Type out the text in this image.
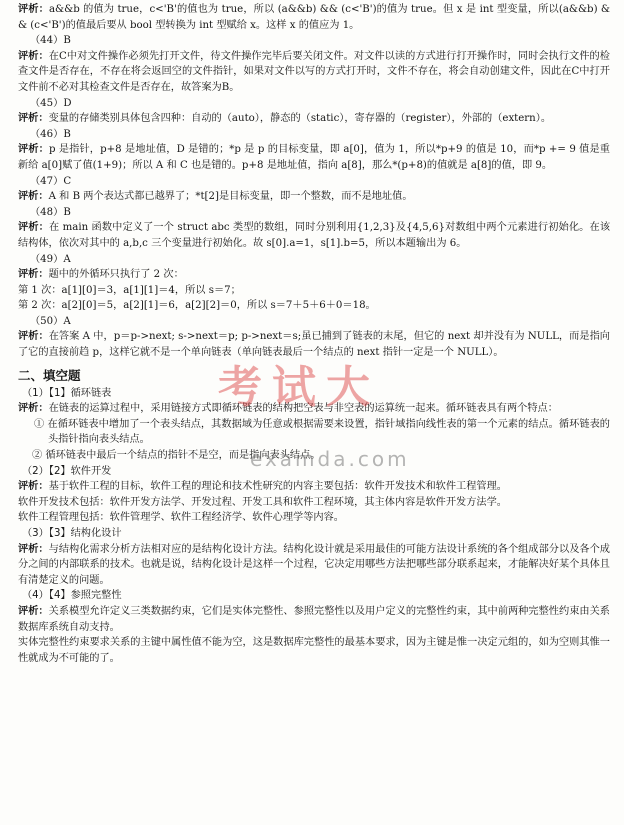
评析：a&&b 的值为 true，c<'B'的值也为 true，所以 (a&&b) && (c<'B')的值为 true。但 x 是 int 型变量，所以(a&&b) && (c<'B')的值最后要从 bool 型转换为 int 型赋给 x。这样 x 的值应为 1。

（44）B

评析：在C中对文件操作必须先打开文件，待文件操作完毕后要关闭文件。对文件以读的方式进行打开操作时，同时会执行文件的检查文件是否存在，不存在将会返回空的文件指针，如果对文件以写的方式打开时，文件不存在，将会自动创建文件，因此在C中打开文件前不必对其检查文件是否存在，故答案为B。

（45）D

评析：变量的存储类别具体包含四种：自动的（auto），静态的（static），寄存器的（register），外部的（extern）。

（46）B

评析：p 是指针，p+8 是地址值，D 是错的；*p 是 p 的目标变量，即 a[0]，值为 1，所以*p+9 的值是 10，而*p += 9 值是重新给 a[0]赋了值(1+9)；所以 A 和 C 也是错的。p+8 是地址值，指向 a[8]，那么*(p+8)的值就是 a[8]的值，即 9。

（47）C

评析：A 和 B 两个表达式都已越界了；*t[2]是目标变量，即一个整数，而不是地址值。

（48）B

评析：在 main 函数中定义了一个 struct abc 类型的数组，同时分别利用{1,2,3}及{4,5,6}对数组中两个元素进行初始化。在该结构体，依次对其中的 a,b,c 三个变量进行初始化。故 s[0].a=1，s[1].b=5，所以本题输出为 6。

（49）A

评析：题中的外循环只执行了 2 次：

第 1 次：a[1][0]＝3，a[1][1]＝4，所以 s＝7；

第 2 次：a[2][0]＝5，a[2][1]＝6，a[2][2]＝0，所以 s＝7＋5＋6＋0＝18。

（50）A

评析：在答案 A 中，p＝p->next; s->next＝p; p->next＝s;虽已捕到了链表的末尾，但它的 next 却并没有为 NULL，而是指向了它的直接前趋 p，这样它就不是一个单向链表（单向链表最后一个结点的 next 指针一定是一个 NULL）。

二、填空题

（1）【1】循环链表

评析：在链表的运算过程中，采用链接方式即循环链表的结构把空表与非空表的运算统一起来。循环链表具有两个特点：

① 在循环链表中增加了一个表头结点，其数据域为任意或根据需要来设置，指针域指向线性表的第一个元素的结点。循环链表的头指针指向表头结点。

② 循环链表中最后一个结点的指针不是空，而是指向表头结点。

（2）【2】软件开发

评析：基于软件工程的目标，软件工程的理论和技术性研究的内容主要包括：软件开发技术和软件工程管理。

软件开发技术包括：软件开发方法学、开发过程、开发工具和软件工程环境，其主体内容是软件开发方法学。

软件工程管理包括：软件管理学、软件工程经济学、软件心理学等内容。

（3）【3】结构化设计

评析：与结构化需求分析方法相对应的是结构化设计方法。结构化设计就是采用最佳的可能方法设计系统的各个组成部分以及各个成分之间的内部联系的技术。也就是说，结构化设计是这样一个过程，它决定用哪些方法把哪些部分联系起来，才能解决好某个具体且有清楚定义的问题。

（4）【4】参照完整性

评析：关系模型允许定义三类数据约束，它们是实体完整性、参照完整性以及用户定义的完整性约束，其中前两种完整性约束由关系数据库系统自动支持。

实体完整性约束要求关系的主键中属性值不能为空，这是数据库完整性的最基本要求，因为主键是惟一决定元组的，如为空则其惟一性就成为不可能的了。

考试大
examda.com
